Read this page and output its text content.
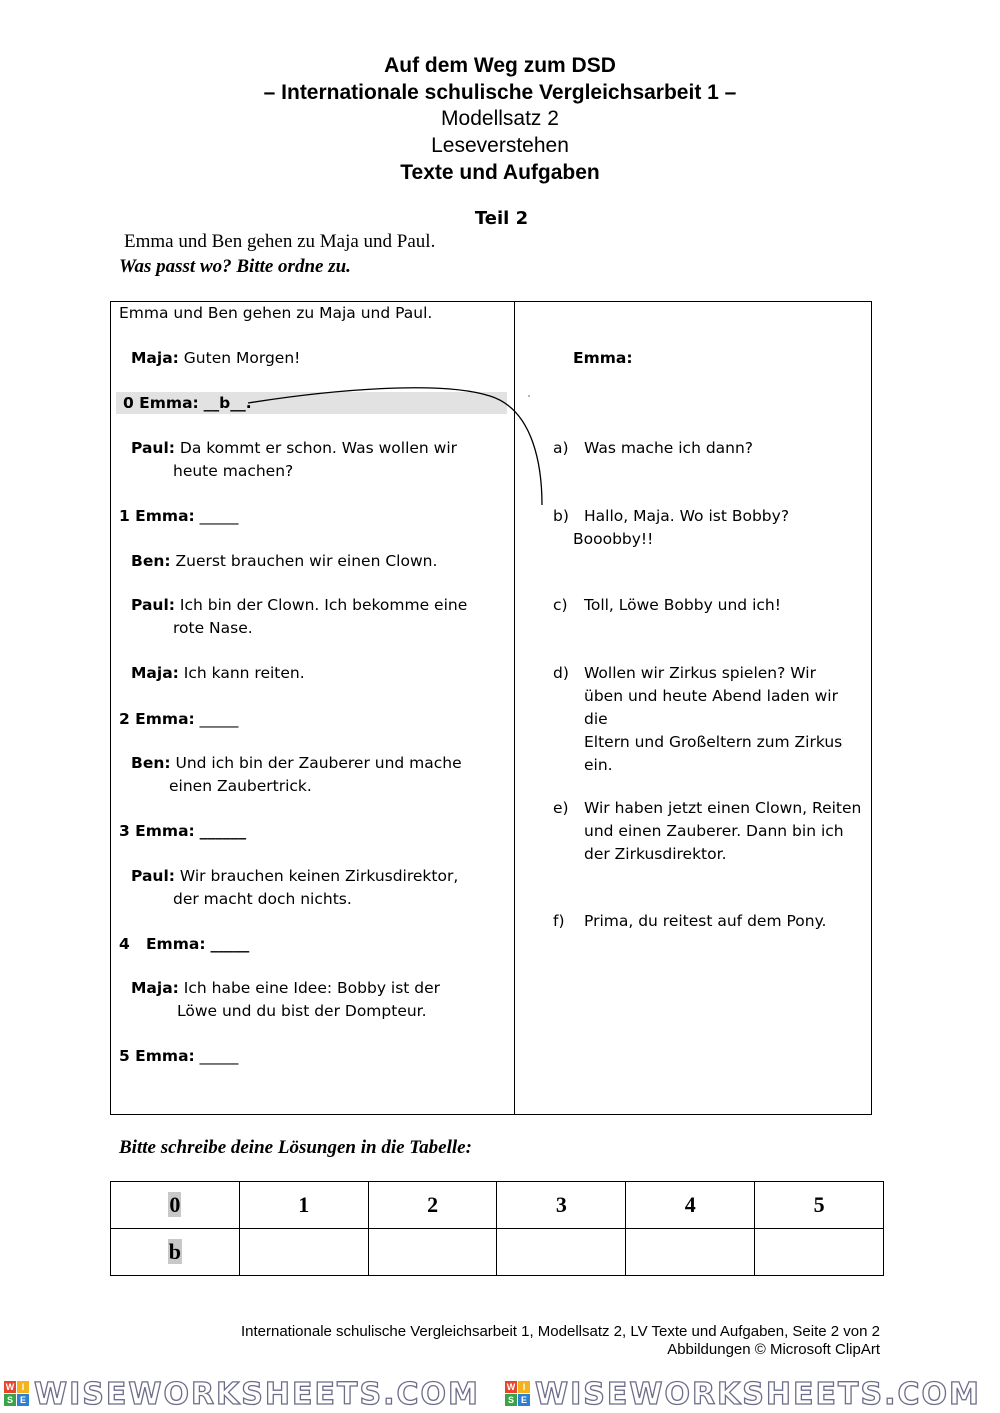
Auf dem Weg zum DSD
– Internationale schulische Vergleichsarbeit 1 –
Modellsatz 2
Leseverstehen
Texte und Aufgaben
Teil 2
Emma und Ben gehen zu Maja und Paul.
Was passt wo? Bitte ordne zu.
Emma und Ben gehen zu Maja und Paul.
Maja: Guten Morgen!
0 Emma: __b__.
Paul: Da kommt er schon. Was wollen wir
heute machen?
1 Emma: _____
Ben: Zuerst brauchen wir einen Clown.
Paul: Ich bin der Clown. Ich bekomme eine
rote Nase.
Maja: Ich kann reiten.
2 Emma: _____
Ben: Und ich bin der Zauberer und mache
einen Zaubertrick.
3 Emma: ______
Paul: Wir brauchen keinen Zirkusdirektor,
der macht doch nichts.
4   Emma: _____
Maja: Ich habe eine Idee: Bobby ist der
Löwe und du bist der Dompteur.
5 Emma: _____
Emma:
a) Was mache ich dann?
b) Hallo, Maja. Wo ist Bobby?
Booobby!!
c) Toll, Löwe Bobby und ich!
d) Wollen wir Zirkus spielen? Wir
üben und heute Abend laden wir die
Eltern und Großeltern zum Zirkus
ein.
e) Wir haben jetzt einen Clown, Reiten
und einen Zauberer. Dann bin ich
der Zirkusdirektor.
f) Prima, du reitest auf dem Pony.
Bitte schreibe deine Lösungen in die Tabelle:
0	1	2	3	4	5
b					
Internationale schulische Vergleichsarbeit 1, Modellsatz 2, LV Texte und Aufgaben, Seite 2 von 2
Abbildungen © Microsoft ClipArt
W I
S E WISEWORKSHEETS.COM	W I
S E WISEWORKSHEETS.COM
